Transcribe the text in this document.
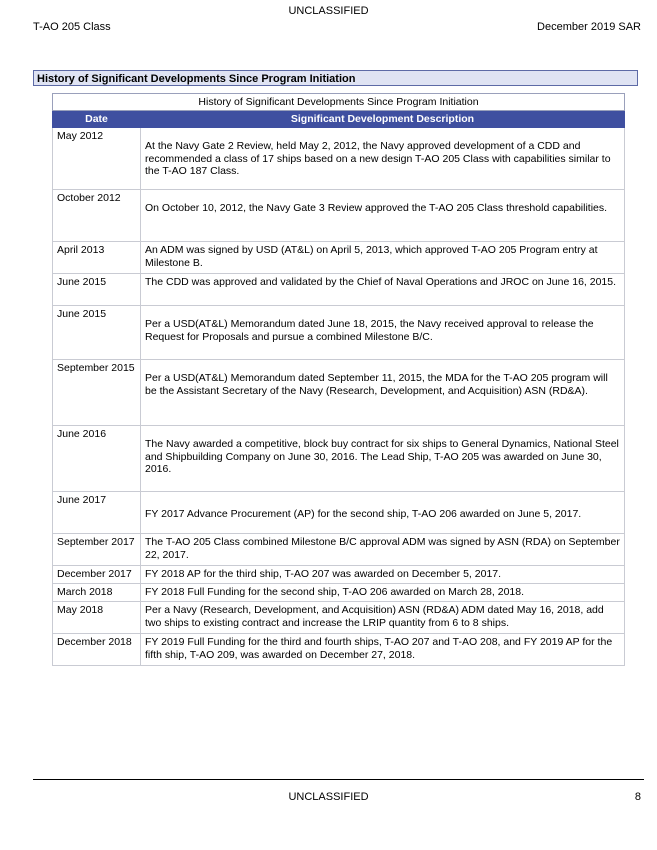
UNCLASSIFIED
T-AO 205 Class	December 2019 SAR
History of Significant Developments Since Program Initiation
History of Significant Developments Since Program Initiation	
Date	Significant Development Description
May 2012	At the Navy Gate 2 Review, held May 2, 2012, the Navy approved development of a CDD and recommended a class of 17 ships based on a new design T-AO 205 Class with capabilities similar to the T-AO 187 Class.
October 2012	On October 10, 2012, the Navy Gate 3 Review approved the T-AO 205 Class threshold capabilities.
April 2013	An ADM was signed by USD (AT&L) on April 5, 2013, which approved T-AO 205 Program entry at Milestone B.
June 2015	The CDD was approved and validated by the Chief of Naval Operations and JROC on June 16, 2015.
June 2015	Per a USD(AT&L) Memorandum dated June 18, 2015, the Navy received approval to release the Request for Proposals and pursue a combined Milestone B/C.
September 2015	Per a USD(AT&L) Memorandum dated September 11, 2015, the MDA for the T-AO 205 program will be the Assistant Secretary of the Navy (Research, Development, and Acquisition) ASN (RD&A).
June 2016	The Navy awarded a competitive, block buy contract for six ships to General Dynamics, National Steel and Shipbuilding Company on June 30, 2016. The Lead Ship, T-AO 205 was awarded on June 30, 2016.
June 2017	FY 2017 Advance Procurement (AP) for the second ship, T-AO 206 awarded on June 5, 2017.
September 2017	The T-AO 205 Class combined Milestone B/C approval ADM was signed by ASN (RDA) on September 22, 2017.
December 2017	FY 2018 AP for the third ship, T-AO 207 was awarded on December 5, 2017.
March 2018	FY 2018 Full Funding for the second ship, T-AO 206 awarded on March 28, 2018.
May 2018	Per a Navy (Research, Development, and Acquisition) ASN (RD&A) ADM dated May 16, 2018, add two ships to existing contract and increase the LRIP quantity from 6 to 8 ships.
December 2018	FY 2019 Full Funding for the third and fourth ships, T-AO 207 and T-AO 208, and FY 2019 AP for the fifth ship, T-AO 209, was awarded on December 27, 2018.
UNCLASSIFIED	8
